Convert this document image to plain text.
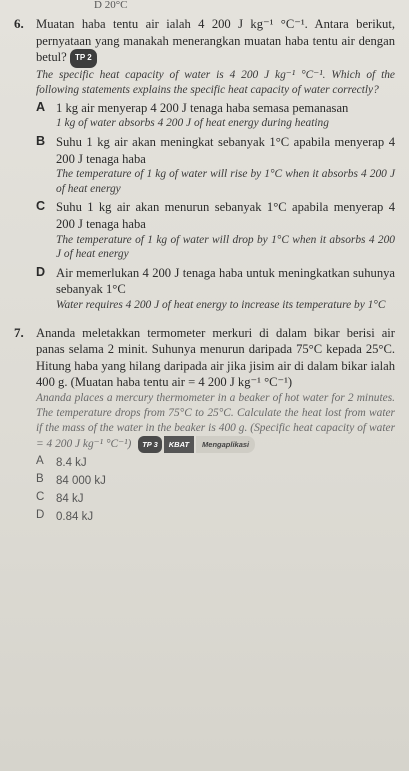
D 20°C
6. Muatan haba tentu air ialah 4 200 J kg⁻¹ °C⁻¹. Antara berikut, pernyataan yang manakah menerangkan muatan haba tentu air dengan betul? TP 2

The specific heat capacity of water is 4 200 J kg⁻¹ °C⁻¹. Which of the following statements explains the specific heat capacity of water correctly?

A 1 kg air menyerap 4 200 J tenaga haba semasa pemanasan

1 kg of water absorbs 4 200 J of heat energy during heating

B Suhu 1 kg air akan meningkat sebanyak 1°C apabila menyerap 4 200 J tenaga haba

The temperature of 1 kg of water will rise by 1°C when it absorbs 4 200 J of heat energy

C Suhu 1 kg air akan menurun sebanyak 1°C apabila menyerap 4 200 J tenaga haba

The temperature of 1 kg of water will drop by 1°C when it absorbs 4 200 J of heat energy

D Air memerlukan 4 200 J tenaga haba untuk meningkatkan suhunya sebanyak 1°C

Water requires 4 200 J of heat energy to increase its temperature by 1°C

7. Ananda meletakkan termometer merkuri di dalam bikar berisi air panas selama 2 minit. Suhunya menurun daripada 75°C kepada 25°C. Hitung haba yang hilang daripada air jika jisim air di dalam bikar ialah 400 g. (Muatan haba tentu air = 4 200 J kg⁻¹ °C⁻¹)

Ananda places a mercury thermometer in a beaker of hot water for 2 minutes. The temperature drops from 75°C to 25°C. Calculate the heat lost from water if the mass of the water in the beaker is 400 g. (Specific heat capacity of water = 4 200 J kg⁻¹ °C⁻¹) TP 3 KBAT Mengaplikasi

A 8.4 kJ

B 84 000 kJ

C 84 kJ

D 0.84 kJ
